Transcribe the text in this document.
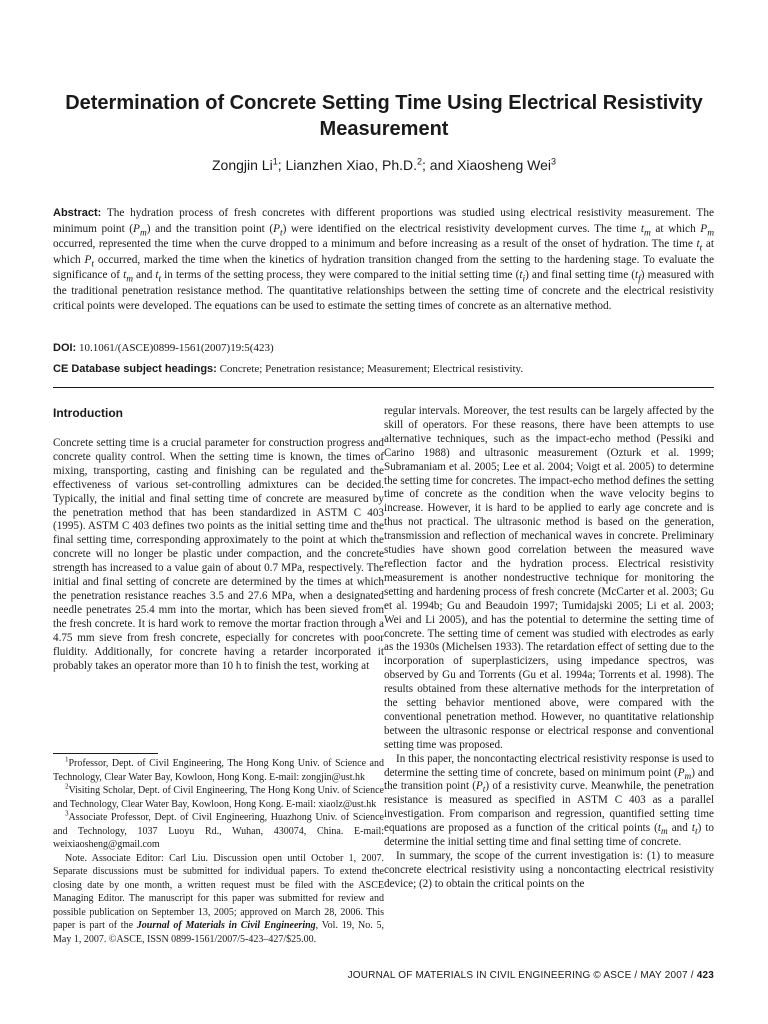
Determination of Concrete Setting Time Using Electrical Resistivity Measurement
Zongjin Li$^1$; Lianzhen Xiao, Ph.D.$^2$; and Xiaosheng Wei$^3$
Abstract: The hydration process of fresh concretes with different proportions was studied using electrical resistivity measurement. The minimum point $(P_m)$ and the transition point $(P_t)$ were identified on the electrical resistivity development curves. The time $t_m$ at which $P_m$ occurred, represented the time when the curve dropped to a minimum and before increasing as a result of the onset of hydration. The time $t_t$ at which $P_t$ occurred, marked the time when the kinetics of hydration transition changed from the setting to the hardening stage. To evaluate the significance of $t_m$ and $t_t$ in terms of the setting process, they were compared to the initial setting time $(t_i)$ and final setting time $(t_f)$ measured with the traditional penetration resistance method. The quantitative relationships between the setting time of concrete and the electrical resistivity critical points were developed. The equations can be used to estimate the setting times of concrete as an alternative method.
DOI: 10.1061/(ASCE)0899-1561(2007)19:5(423)
CE Database subject headings: Concrete; Penetration resistance; Measurement; Electrical resistivity.
Introduction

Concrete setting time is a crucial parameter for construction progress and concrete quality control. When the setting time is known, the times of mixing, transporting, casting and finishing can be regulated and the effectiveness of various set-controlling admixtures can be decided. Typically, the initial and final setting time of concrete are measured by the penetration method that has been standardized in ASTM C 403 (1995). ASTM C 403 defines two points as the initial setting time and the final setting time, corresponding approximately to the point at which the concrete will no longer be plastic under compaction, and the concrete strength has increased to a value gain of about 0.7 MPa, respectively. The initial and final setting of concrete are determined by the times at which the penetration resistance reaches 3.5 and 27.6 MPa, when a designated needle penetrates 25.4 mm into the mortar, which has been sieved from the fresh concrete. It is hard work to remove the mortar fraction through a 4.75 mm sieve from fresh concrete, especially for concretes with poor fluidity. Additionally, for concrete having a retarder incorporated it probably takes an operator more than 10 h to finish the test, working at

$^1$Professor, Dept. of Civil Engineering, The Hong Kong Univ. of Science and Technology, Clear Water Bay, Kowloon, Hong Kong. E-mail: zongjin@ust.hk

$^2$Visiting Scholar, Dept. of Civil Engineering, The Hong Kong Univ. of Science and Technology, Clear Water Bay, Kowloon, Hong Kong. E-mail: xiaolz@ust.hk

$^3$Associate Professor, Dept. of Civil Engineering, Huazhong Univ. of Science and Technology, 1037 Luoyu Rd., Wuhan, 430074, China. E-mail: weixiaosheng@gmail.com

Note. Associate Editor: Carl Liu. Discussion open until October 1, 2007. Separate discussions must be submitted for individual papers. To extend the closing date by one month, a written request must be filed with the ASCE Managing Editor. The manuscript for this paper was submitted for review and possible publication on September 13, 2005; approved on March 28, 2006. This paper is part of the Journal of Materials in Civil Engineering, Vol. 19, No. 5, May 1, 2007. ©ASCE, ISSN 0899-1561/2007/5-423–427/$25.00.

regular intervals. Moreover, the test results can be largely affected by the skill of operators. For these reasons, there have been attempts to use alternative techniques, such as the impact-echo method (Pessiki and Carino 1988) and ultrasonic measurement (Ozturk et al. 1999; Subramaniam et al. 2005; Lee et al. 2004; Voigt et al. 2005) to determine the setting time for concretes. The impact-echo method defines the setting time of concrete as the condition when the wave velocity begins to increase. However, it is hard to be applied to early age concrete and is thus not practical. The ultrasonic method is based on the generation, transmission and reflection of mechanical waves in concrete. Preliminary studies have shown good correlation between the measured wave reflection factor and the hydration process. Electrical resistivity measurement is another nondestructive technique for monitoring the setting and hardening process of fresh concrete (McCarter et al. 2003; Gu et al. 1994b; Gu and Beaudoin 1997; Tumidajski 2005; Li et al. 2003; Wei and Li 2005), and has the potential to determine the setting time of concrete. The setting time of cement was studied with electrodes as early as the 1930s (Michelsen 1933). The retardation effect of setting due to the incorporation of superplasticizers, using impedance spectros, was observed by Gu and Torrents (Gu et al. 1994a; Torrents et al. 1998). The results obtained from these alternative methods for the interpretation of the setting behavior mentioned above, were compared with the conventional penetration method. However, no quantitative relationship between the ultrasonic response or electrical response and conventional setting time was proposed.

In this paper, the noncontacting electrical resistivity response is used to determine the setting time of concrete, based on minimum point $(P_m)$ and the transition point $(P_t)$ of a resistivity curve. Meanwhile, the penetration resistance is measured as specified in ASTM C 403 as a parallel investigation. From comparison and regression, quantified setting time equations are proposed as a function of the critical points ($t_m$ and $t_t$) to determine the initial setting time and final setting time of concrete.

In summary, the scope of the current investigation is: (1) to measure concrete electrical resistivity using a noncontacting electrical resistivity device; (2) to obtain the critical points on the

JOURNAL OF MATERIALS IN CIVIL ENGINEERING © ASCE / MAY 2007 / 423
